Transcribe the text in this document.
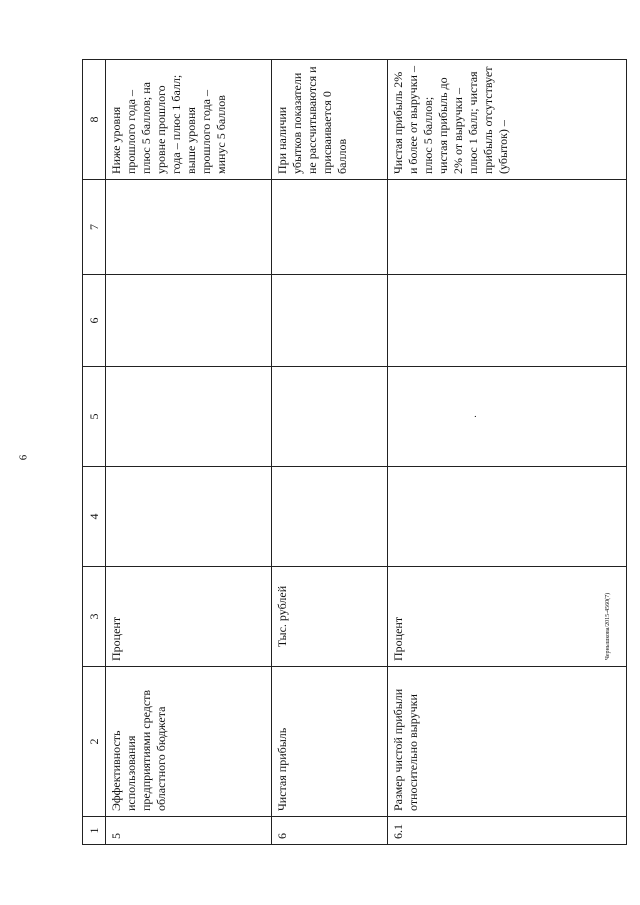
6
Чернышкова/2015-4560(7)
1	2	3	4	5	6	7	8
5	Эффективность использования предприятиями средств областного бюджета	Процент					Ниже уровня прошлого года – плюс 5 баллов; на уровне прошлого года – плюс 1 балл; выше уровня прошлого года – минус 5 баллов
6	Чистая прибыль	Тыс. рублей					При наличии убытков показатели не рассчитываются и присваивается 0 баллов
6.1	Размер чистой прибыли относительно выручки	Процент		·			Чистая прибыль 2% и более от выручки – плюс 5 баллов; чистая прибыль до 2% от выручки – плюс 1 балл; чистая прибыль отсутствует (убыток) –
